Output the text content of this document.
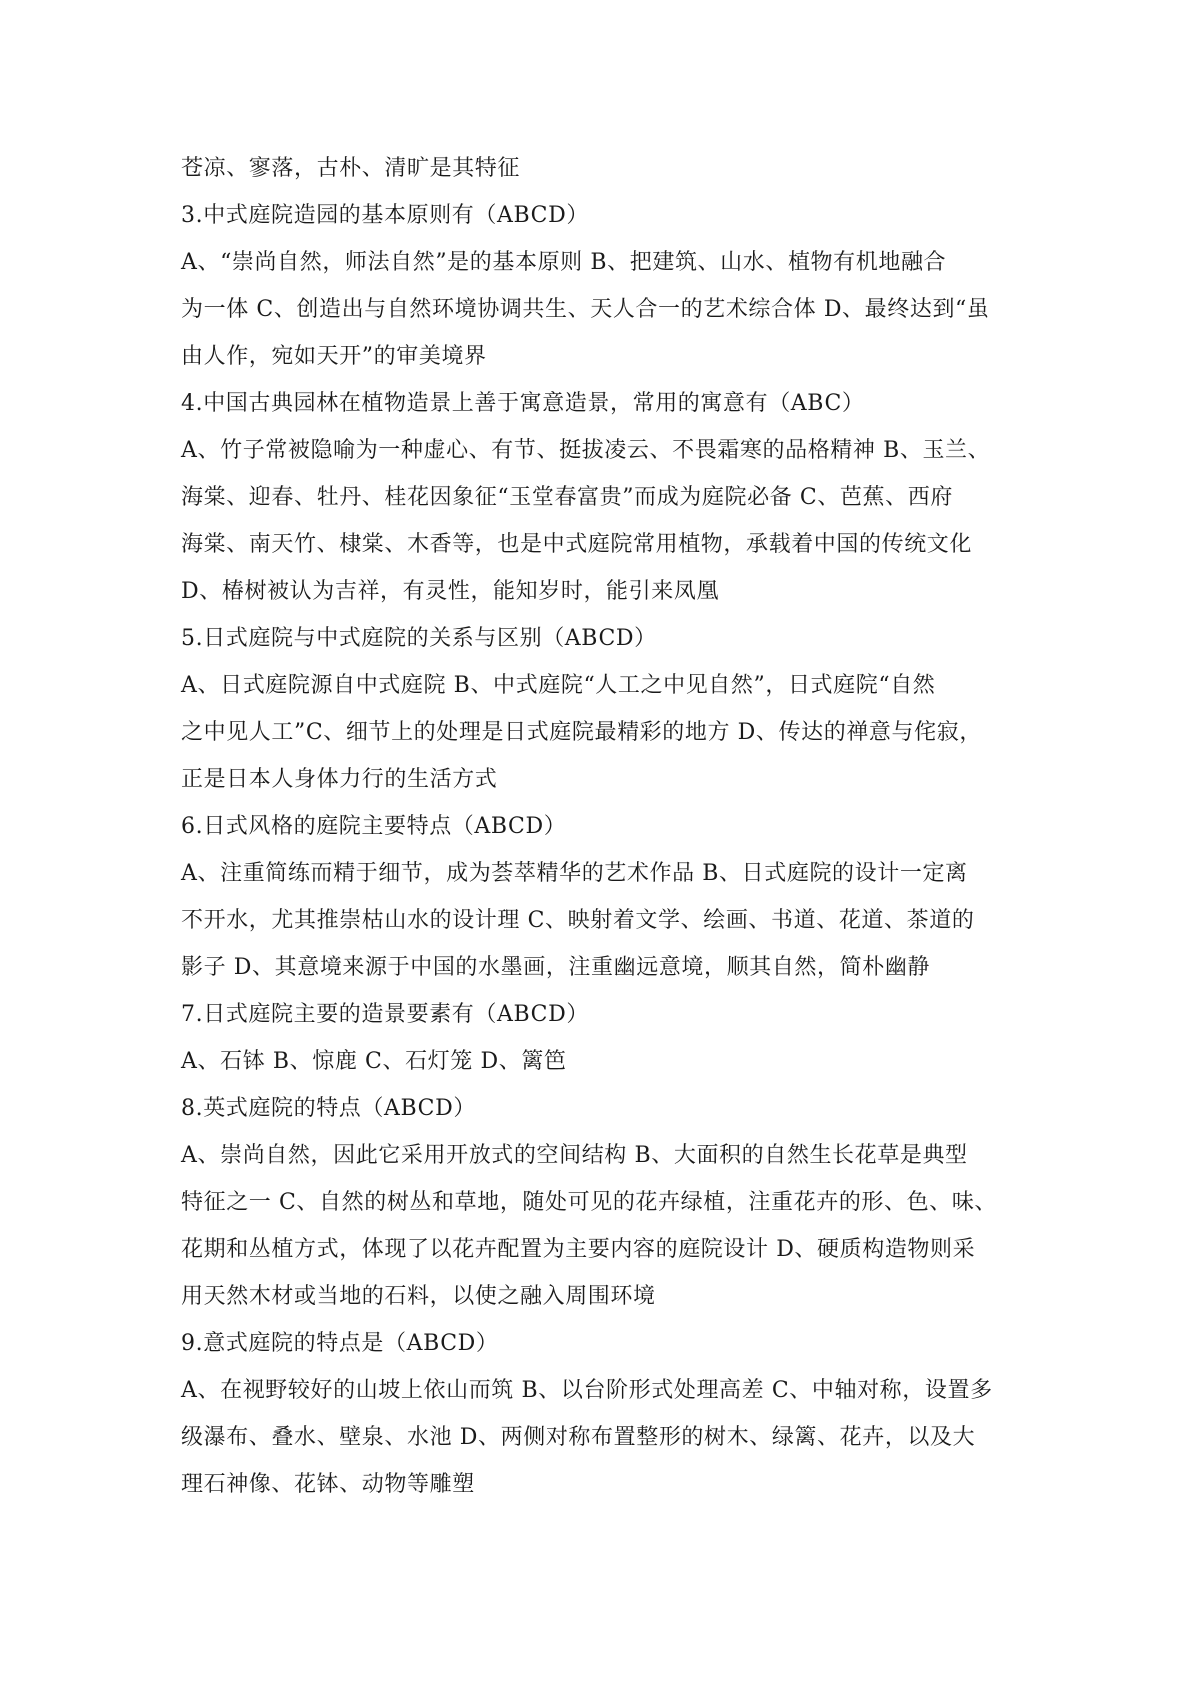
苍凉、寥落，古朴、清旷是其特征
3.中式庭院造园的基本原则有（ABCD）
A、“崇尚自然，师法自然”是的基本原则 B、把建筑、山水、植物有机地融合
为一体 C、创造出与自然环境协调共生、天人合一的艺术综合体 D、最终达到“虽
由人作，宛如天开”的审美境界
4.中国古典园林在植物造景上善于寓意造景，常用的寓意有（ABC）
A、竹子常被隐喻为一种虚心、有节、挺拔凌云、不畏霜寒的品格精神 B、玉兰、
海棠、迎春、牡丹、桂花因象征“玉堂春富贵”而成为庭院必备 C、芭蕉、西府
海棠、南天竹、棣棠、木香等，也是中式庭院常用植物，承载着中国的传统文化
D、椿树被认为吉祥，有灵性，能知岁时，能引来凤凰
5.日式庭院与中式庭院的关系与区别（ABCD）
A、日式庭院源自中式庭院 B、中式庭院“人工之中见自然”，日式庭院“自然
之中见人工”C、细节上的处理是日式庭院最精彩的地方 D、传达的禅意与侘寂，
正是日本人身体力行的生活方式
6.日式风格的庭院主要特点（ABCD）
A、注重简练而精于细节，成为荟萃精华的艺术作品 B、日式庭院的设计一定离
不开水，尤其推崇枯山水的设计理 C、映射着文学、绘画、书道、花道、茶道的
影子 D、其意境来源于中国的水墨画，注重幽远意境，顺其自然，简朴幽静
7.日式庭院主要的造景要素有（ABCD）
A、石钵 B、惊鹿 C、石灯笼 D、篱笆
8.英式庭院的特点（ABCD）
A、崇尚自然，因此它采用开放式的空间结构 B、大面积的自然生长花草是典型
特征之一 C、自然的树丛和草地，随处可见的花卉绿植，注重花卉的形、色、味、
花期和丛植方式，体现了以花卉配置为主要内容的庭院设计 D、硬质构造物则采
用天然木材或当地的石料，以使之融入周围环境
9.意式庭院的特点是（ABCD）
A、在视野较好的山坡上依山而筑 B、以台阶形式处理高差 C、中轴对称，设置多
级瀑布、叠水、壁泉、水池 D、两侧对称布置整形的树木、绿篱、花卉，以及大
理石神像、花钵、动物等雕塑
